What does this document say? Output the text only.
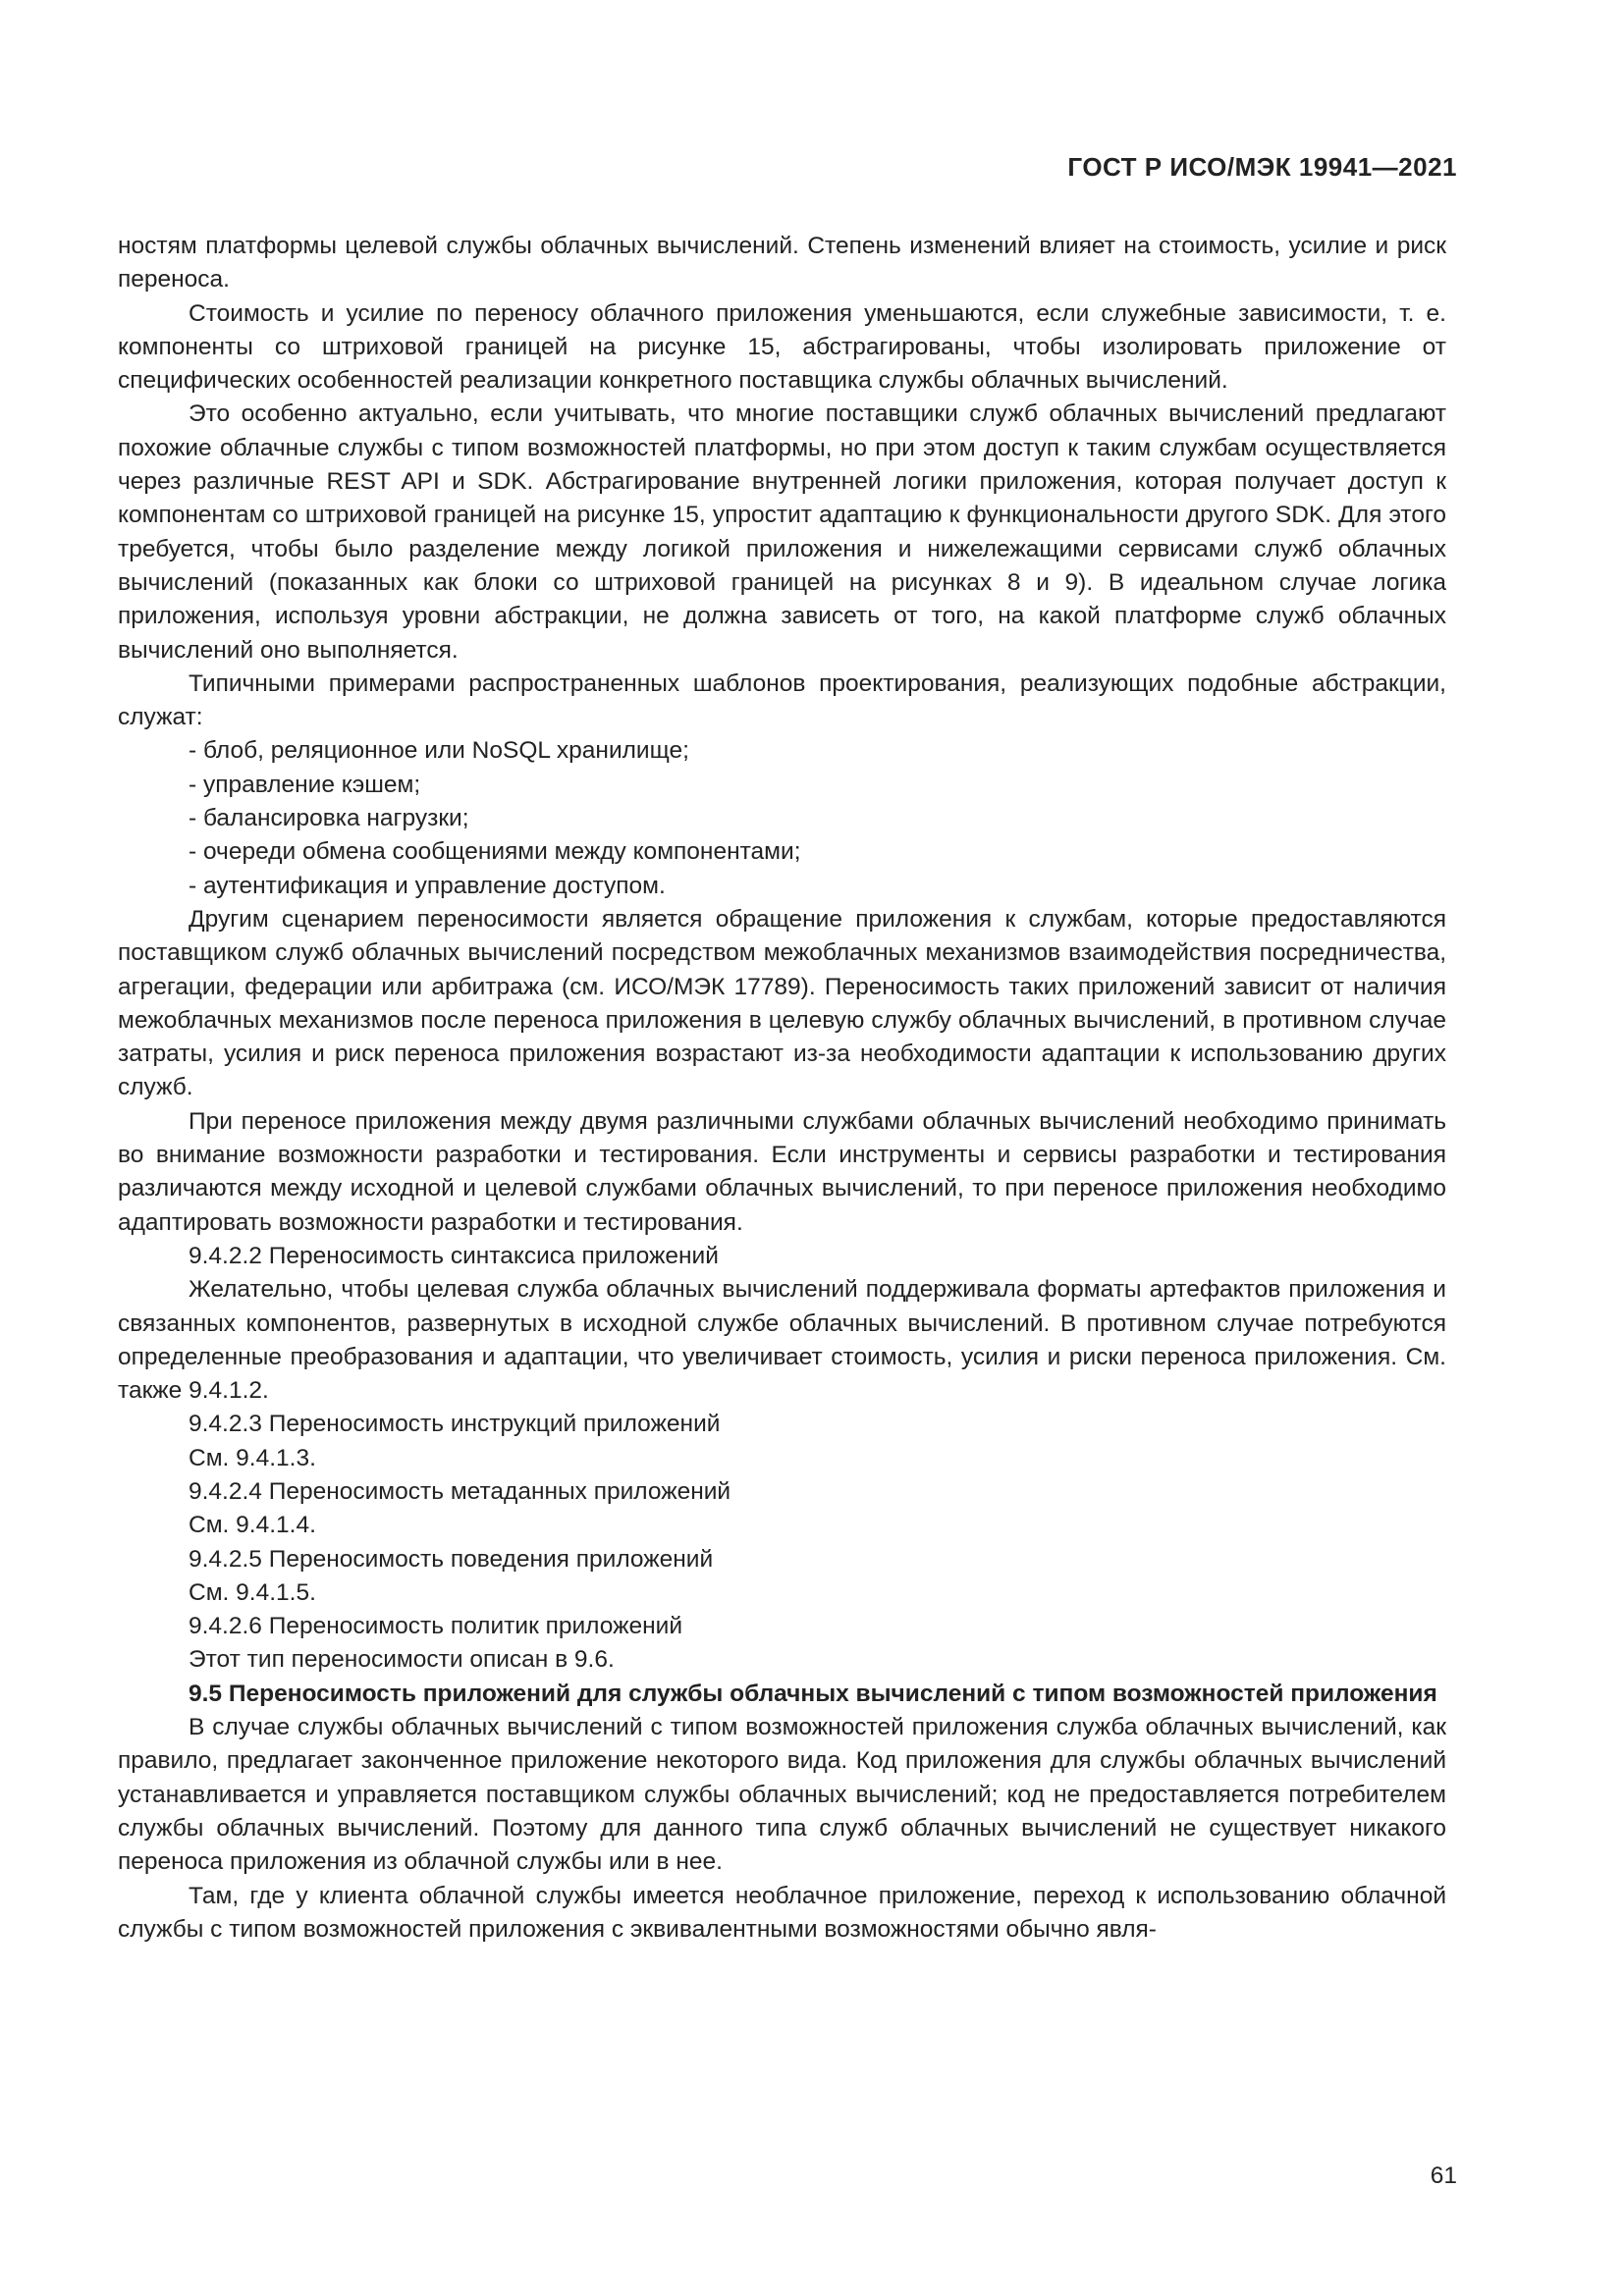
ГОСТ Р ИСО/МЭК 19941—2021

ностям платформы целевой службы облачных вычислений. Степень изменений влияет на стоимость, усилие и риск переноса.

Стоимость и усилие по переносу облачного приложения уменьшаются, если служебные зависимости, т. е. компоненты со штриховой границей на рисунке 15, абстрагированы, чтобы изолировать приложение от специфических особенностей реализации конкретного поставщика службы облачных вычислений.

Это особенно актуально, если учитывать, что многие поставщики служб облачных вычислений предлагают похожие облачные службы с типом возможностей платформы, но при этом доступ к таким службам осуществляется через различные REST API и SDK. Абстрагирование внутренней логики приложения, которая получает доступ к компонентам со штриховой границей на рисунке 15, упростит адаптацию к функциональности другого SDK. Для этого требуется, чтобы было разделение между логикой приложения и нижележащими сервисами служб облачных вычислений (показанных как блоки со штриховой границей на рисунках 8 и 9). В идеальном случае логика приложения, используя уровни абстракции, не должна зависеть от того, на какой платформе служб облачных вычислений оно выполняется.

Типичными примерами распространенных шаблонов проектирования, реализующих подобные абстракции, служат:

- блоб, реляционное или NoSQL хранилище;
- управление кэшем;
- балансировка нагрузки;
- очереди обмена сообщениями между компонентами;
- аутентификация и управление доступом.

Другим сценарием переносимости является обращение приложения к службам, которые предоставляются поставщиком служб облачных вычислений посредством межоблачных механизмов взаимодействия посредничества, агрегации, федерации или арбитража (см. ИСО/МЭК 17789). Переносимость таких приложений зависит от наличия межоблачных механизмов после переноса приложения в целевую службу облачных вычислений, в противном случае затраты, усилия и риск переноса приложения возрастают из-за необходимости адаптации к использованию других служб.

При переносе приложения между двумя различными службами облачных вычислений необходимо принимать во внимание возможности разработки и тестирования. Если инструменты и сервисы разработки и тестирования различаются между исходной и целевой службами облачных вычислений, то при переносе приложения необходимо адаптировать возможности разработки и тестирования.

9.4.2.2 Переносимость синтаксиса приложений

Желательно, чтобы целевая служба облачных вычислений поддерживала форматы артефактов приложения и связанных компонентов, развернутых в исходной службе облачных вычислений. В противном случае потребуются определенные преобразования и адаптации, что увеличивает стоимость, усилия и риски переноса приложения. См. также 9.4.1.2.

9.4.2.3 Переносимость инструкций приложений

См. 9.4.1.3.

9.4.2.4 Переносимость метаданных приложений

См. 9.4.1.4.

9.4.2.5 Переносимость поведения приложений

См. 9.4.1.5.

9.4.2.6 Переносимость политик приложений

Этот тип переносимости описан в 9.6.

9.5 Переносимость приложений для службы облачных вычислений с типом возможностей приложения

В случае службы облачных вычислений с типом возможностей приложения служба облачных вычислений, как правило, предлагает законченное приложение некоторого вида. Код приложения для службы облачных вычислений устанавливается и управляется поставщиком службы облачных вычислений; код не предоставляется потребителем службы облачных вычислений. Поэтому для данного типа служб облачных вычислений не существует никакого переноса приложения из облачной службы или в нее.

Там, где у клиента облачной службы имеется необлачное приложение, переход к использованию облачной службы с типом возможностей приложения с эквивалентными возможностями обычно явля-

61
